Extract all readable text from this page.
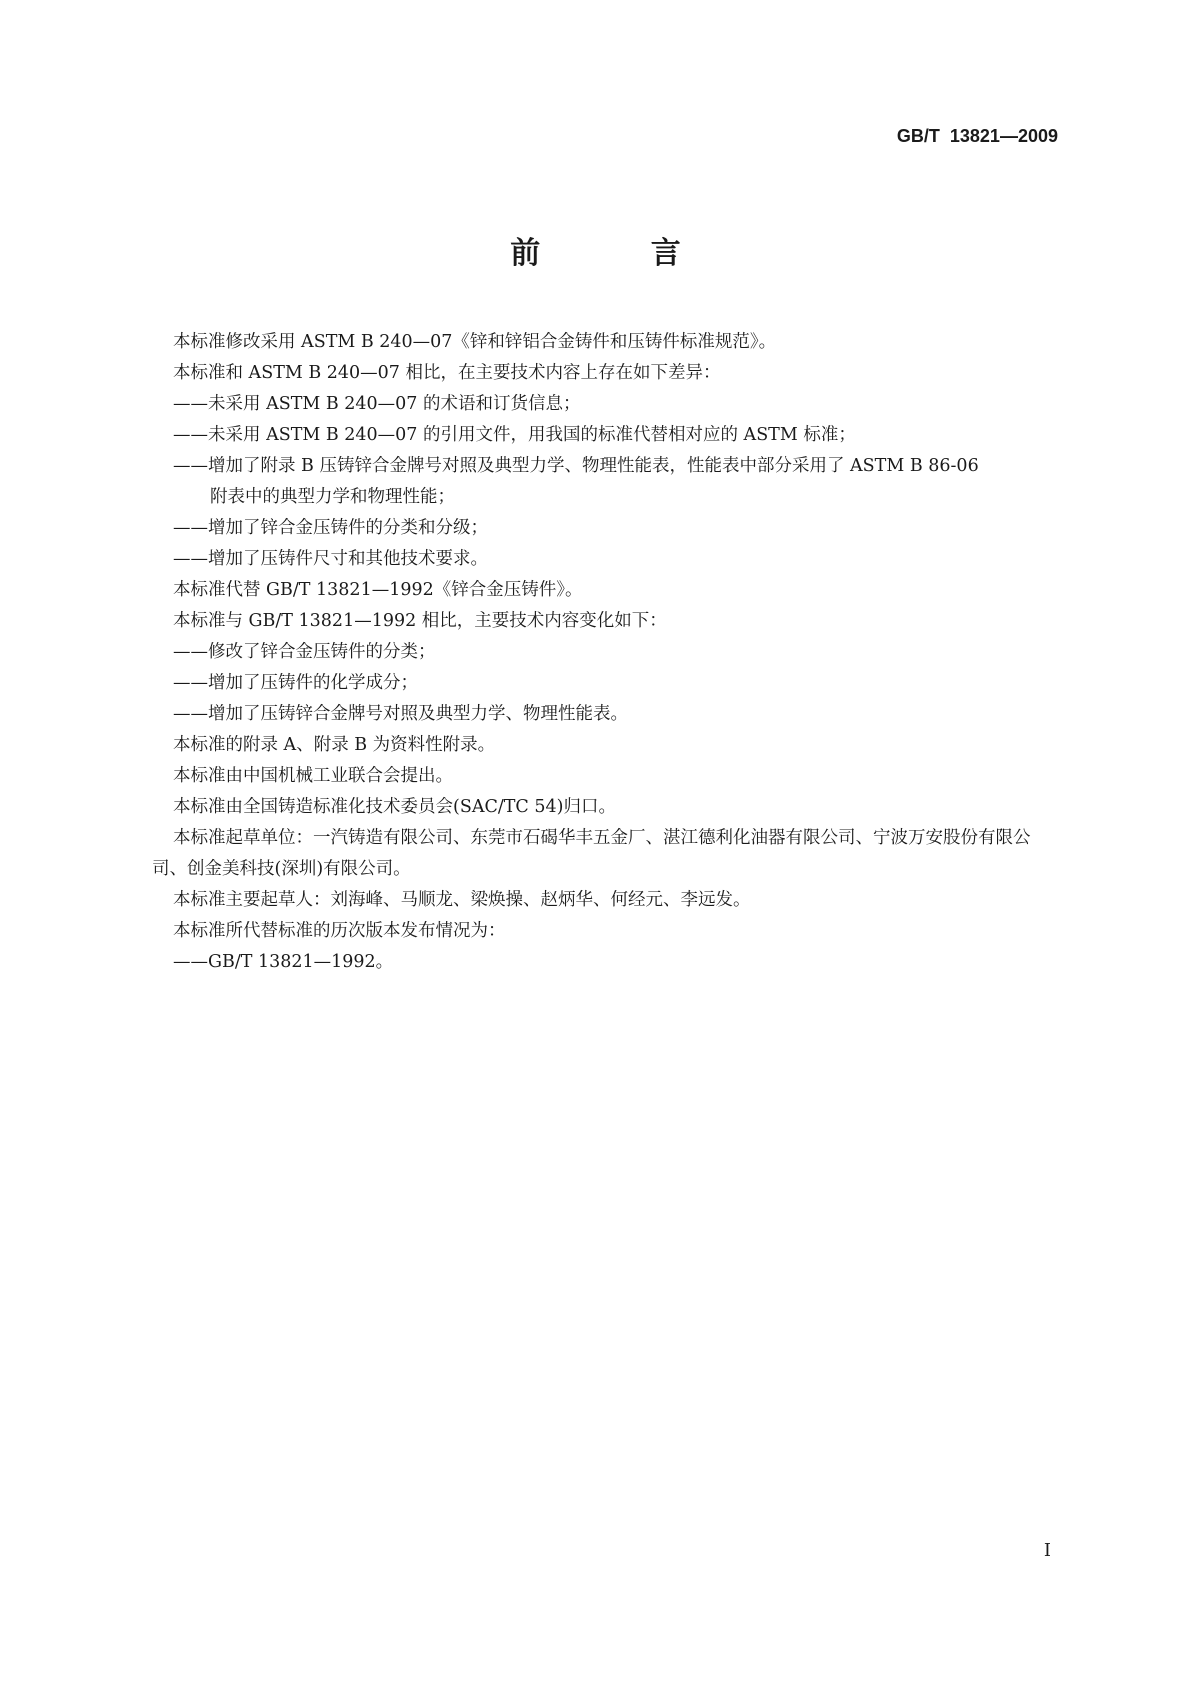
GB/T  13821—2009
前 言
本标准修改采用 ASTM B 240—07《锌和锌铝合金铸件和压铸件标准规范》。
本标准和 ASTM B 240—07 相比，在主要技术内容上存在如下差异：
——未采用 ASTM B 240—07 的术语和订货信息；
——未采用 ASTM B 240—07 的引用文件，用我国的标准代替相对应的 ASTM 标准；
——增加了附录 B 压铸锌合金牌号对照及典型力学、物理性能表，性能表中部分采用了 ASTM B 86-06
附表中的典型力学和物理性能；
——增加了锌合金压铸件的分类和分级；
——增加了压铸件尺寸和其他技术要求。
本标准代替 GB/T 13821—1992《锌合金压铸件》。
本标准与 GB/T 13821—1992 相比，主要技术内容变化如下：
——修改了锌合金压铸件的分类；
——增加了压铸件的化学成分；
——增加了压铸锌合金牌号对照及典型力学、物理性能表。
本标准的附录 A、附录 B 为资料性附录。
本标准由中国机械工业联合会提出。
本标准由全国铸造标准化技术委员会(SAC/TC 54)归口。
本标准起草单位：一汽铸造有限公司、东莞市石碣华丰五金厂、湛江德利化油器有限公司、宁波万安股份有限公司、创金美科技(深圳)有限公司。
本标准主要起草人：刘海峰、马顺龙、梁焕操、赵炳华、何经元、李远发。
本标准所代替标准的历次版本发布情况为：
——GB/T 13821—1992。
I
